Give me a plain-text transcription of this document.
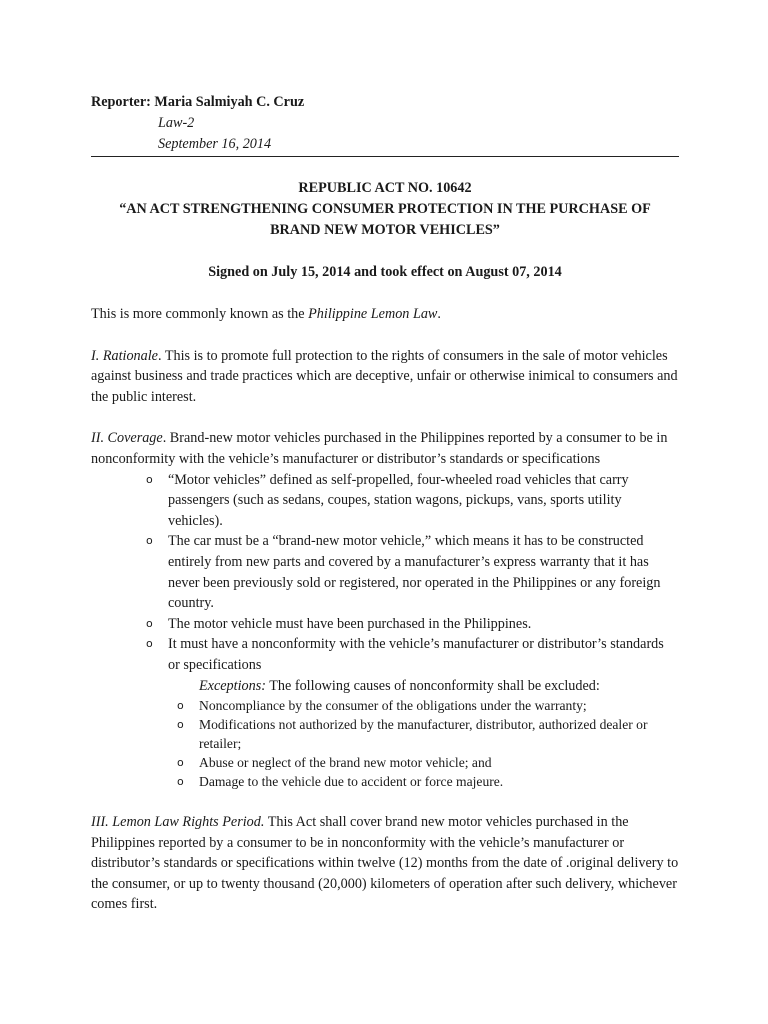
Reporter: Maria Salmiyah C. Cruz
Law-2
September 16, 2014
REPUBLIC ACT NO. 10642
“AN ACT STRENGTHENING CONSUMER PROTECTION IN THE PURCHASE OF
BRAND NEW MOTOR VEHICLES”
Signed on July 15, 2014 and took effect on August 07, 2014

This is more commonly known as the Philippine Lemon Law.

I. Rationale. This is to promote full protection to the rights of consumers in the sale of motor vehicles against business and trade practices which are deceptive, unfair or otherwise inimical to consumers and the public interest.

II. Coverage. Brand-new motor vehicles purchased in the Philippines reported by a consumer to be in nonconformity with the vehicle’s manufacturer or distributor’s standards or specifications

o “Motor vehicles” defined as self-propelled, four-wheeled road vehicles that carry passengers (such as sedans, coupes, station wagons, pickups, vans, sports utility vehicles).
o The car must be a “brand-new motor vehicle,” which means it has to be constructed entirely from new parts and covered by a manufacturer’s express warranty that it has never been previously sold or registered, nor operated in the Philippines or any foreign country.
o The motor vehicle must have been purchased in the Philippines.
o It must have a nonconformity with the vehicle’s manufacturer or distributor’s standards or specifications
Exceptions: The following causes of nonconformity shall be excluded:
o Noncompliance by the consumer of the obligations under the warranty;
o Modifications not authorized by the manufacturer, distributor, authorized dealer or retailer;
o Abuse or neglect of the brand new motor vehicle; and
o Damage to the vehicle due to accident or force majeure.

III. Lemon Law Rights Period. This Act shall cover brand new motor vehicles purchased in the Philippines reported by a consumer to be in nonconformity with the vehicle’s manufacturer or distributor’s standards or specifications within twelve (12) months from the date of .original delivery to the consumer, or up to twenty thousand (20,000) kilometers of operation after such delivery, whichever comes first.
